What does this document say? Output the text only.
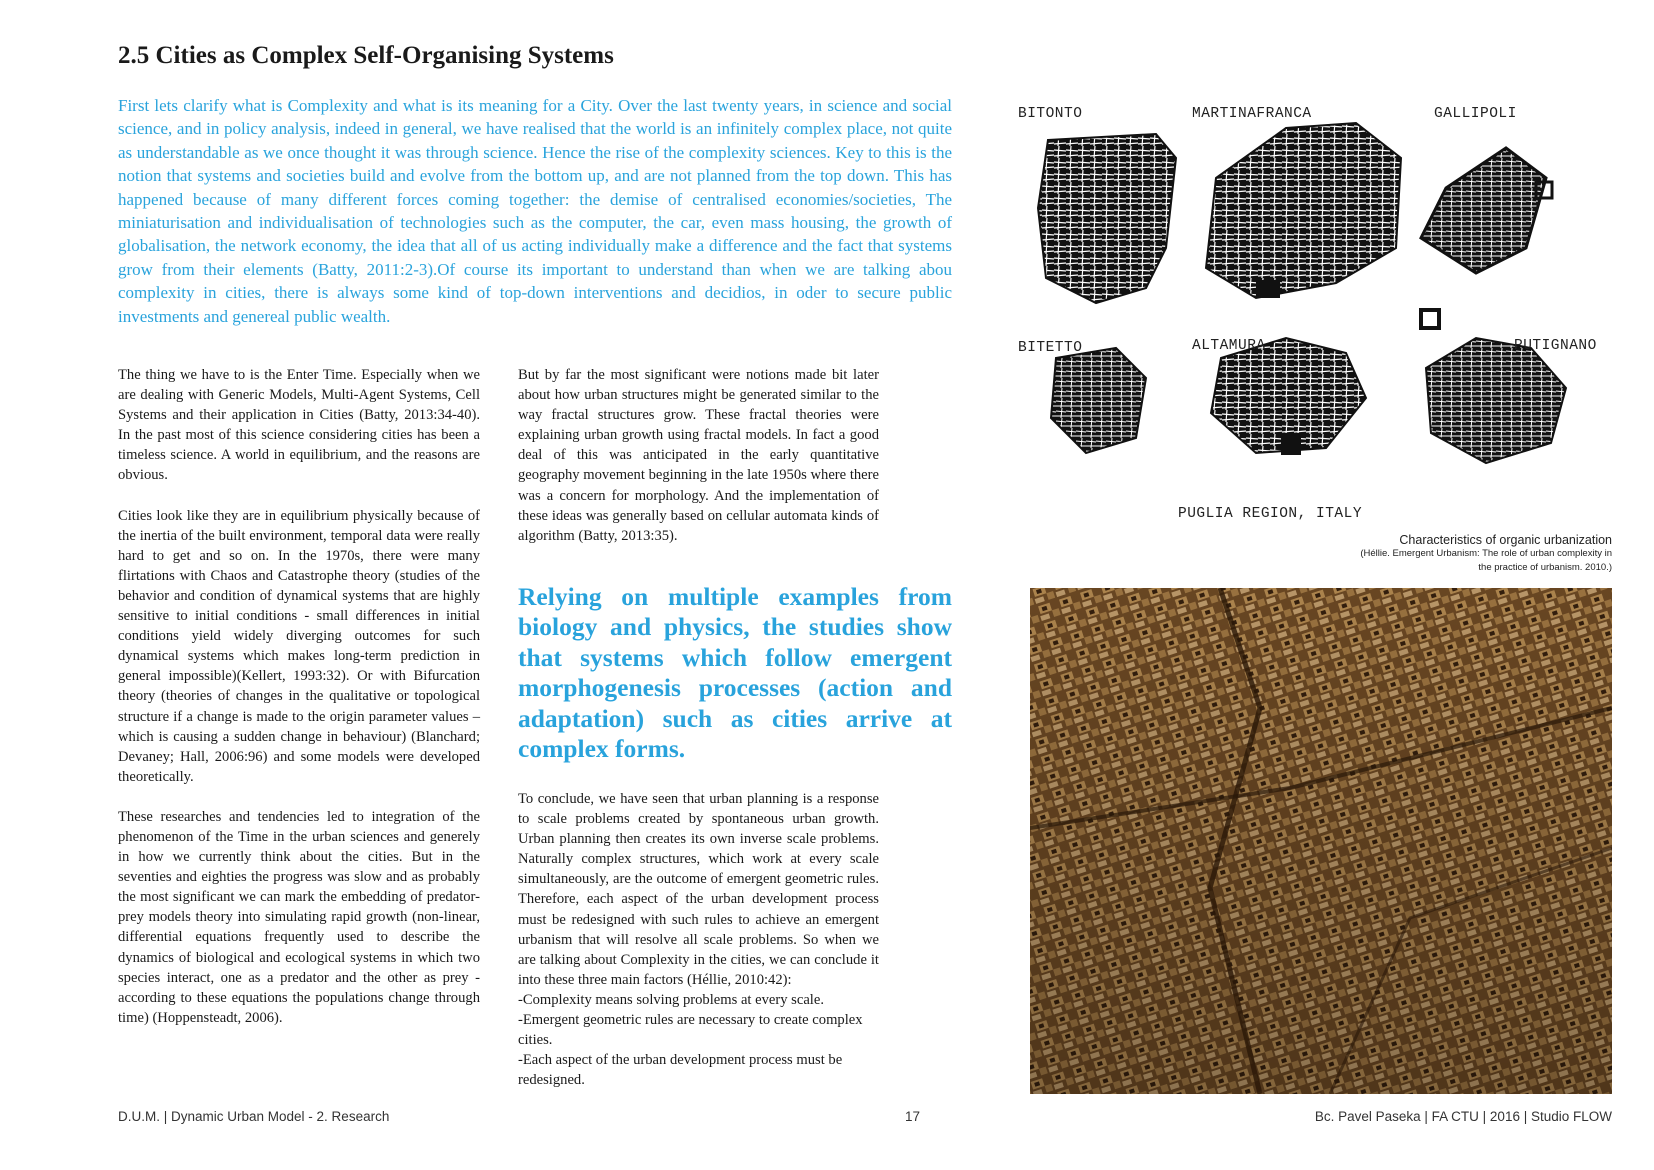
2.5 Cities as Complex Self-Organising Systems

First lets clarify what is Complexity and what is its meaning for a City. Over the last twenty years, in science and social science, and in policy analysis, indeed in general, we have realised that the world is an infinitely complex place, not quite as understandable as we once thought it was through science. Hence the rise of the complexity sciences. Key to this is the notion that systems and societies build and evolve from the bottom up, and are not planned from the top down. This has happened because of many different forces coming together: the demise of centralised economies/societies, The miniaturisation and individualisation of technologies such as the computer, the car, even mass housing, the growth of globalisation, the network economy, the idea that all of us acting individually make a difference and the fact that systems grow from their elements (Batty, 2011:2-3).Of course its important to understand than when we are talking abou complexity in cities, there is always some kind of top-down interventions and decidios, in oder to secure public investments and genereal public wealth.

The thing we have to is the Enter Time. Especially when we are dealing with Generic Models, Multi-Agent Systems, Cell Systems and their application in Cities (Batty, 2013:34-40). In the past most of this science considering cities has been a timeless science. A world in equilibrium, and the reasons are obvious.

Cities look like they are in equilibrium physically because of the inertia of the built environment, temporal data were really hard to get and so on. In the 1970s, there were many flirtations with Chaos and Catastrophe theory (studies of the behavior and condition of dynamical systems that are highly sensitive to initial conditions - small differences in initial conditions yield widely diverging outcomes for such dynamical systems which makes long-term prediction in general impossible)(Kellert, 1993:32). Or with Bifurcation theory (theories of changes in the qualitative or topological structure if a change is made to the origin parameter values – which is causing a sudden change in behaviour) (Blanchard; Devaney; Hall, 2006:96) and some models were developed theoretically.

These researches and tendencies led to integration of the phenomenon of the Time in the urban sciences and generely in how we currently think about the cities. But in the seventies and eighties the progress was slow and as probably the most significant we can mark the embedding of predator-prey models theory into simulating rapid growth (non-linear, differential equations frequently used to describe the dynamics of biological and ecological systems in which two species interact, one as a predator and the other as prey - according to these equations the populations change through time) (Hoppensteadt, 2006).

But by far the most significant were notions made bit later about how urban structures might be generated similar to the way fractal structures grow. These fractal theories were explaining urban growth using fractal models. In fact a good deal of this was anticipated in the early quantitative geography movement beginning in the late 1950s where there was a concern for morphology. And the implementation of these ideas was generally based on cellular automata kinds of algorithm (Batty, 2013:35).

Relying on multiple examples from biology and physics, the studies show that systems which follow emergent morphogenesis processes (action and adaptation) such as cities arrive at complex forms.

To conclude, we have seen that urban planning is a response to scale problems created by spontaneous urban growth. Urban planning then creates its own inverse scale problems. Naturally complex structures, which work at every scale simultaneously, are the outcome of emergent geometric rules. Therefore, each aspect of the urban development process must be redesigned with such rules to achieve an emergent urbanism that will resolve all scale problems. So when we are talking about Complexity in the cities, we can conclude it into these three main factors (Héllie, 2010:42):

-Complexity means solving problems at every scale.

-Emergent geometric rules are necessary to create complex cities.

-Each aspect of the urban development process must be redesigned.

BITONTO	MARTINAFRANCA	GALLIPOLI
BITETTO	ALTAMURA	PUTIGNANO
PUGLIA REGION, ITALY
Characteristics of organic urbanization
(Héllie. Emergent Urbanism: The role of urban complexity in the practice of urbanism. 2010.)
D.U.M. | Dynamic Urban Model - 2. Research	17	Bc. Pavel Paseka | FA CTU | 2016 | Studio FLOW
